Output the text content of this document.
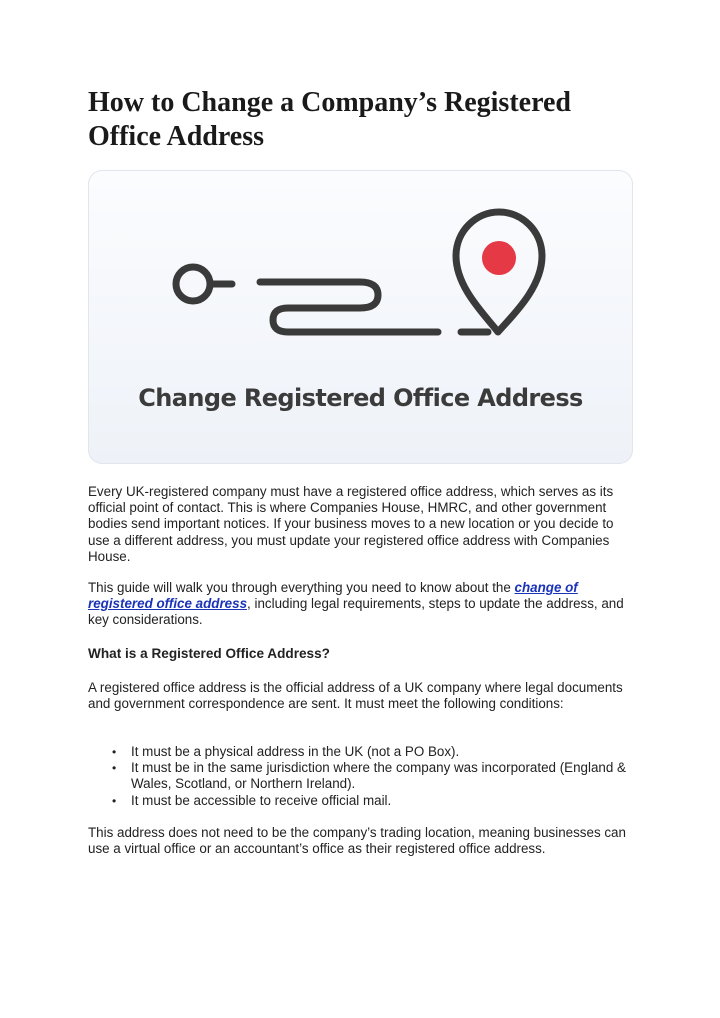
How to Change a Company’s Registered Office Address
Change Registered Office Address

Every UK-registered company must have a registered office address, which serves as its official point of contact. This is where Companies House, HMRC, and other government bodies send important notices. If your business moves to a new location or you decide to use a different address, you must update your registered office address with Companies House.

This guide will walk you through everything you need to know about the change of registered office address, including legal requirements, steps to update the address, and key considerations.

What is a Registered Office Address?

A registered office address is the official address of a UK company where legal documents and government correspondence are sent. It must meet the following conditions:

• It must be a physical address in the UK (not a PO Box).
• It must be in the same jurisdiction where the company was incorporated (England & Wales, Scotland, or Northern Ireland).
• It must be accessible to receive official mail.

This address does not need to be the company’s trading location, meaning businesses can use a virtual office or an accountant’s office as their registered office address.
